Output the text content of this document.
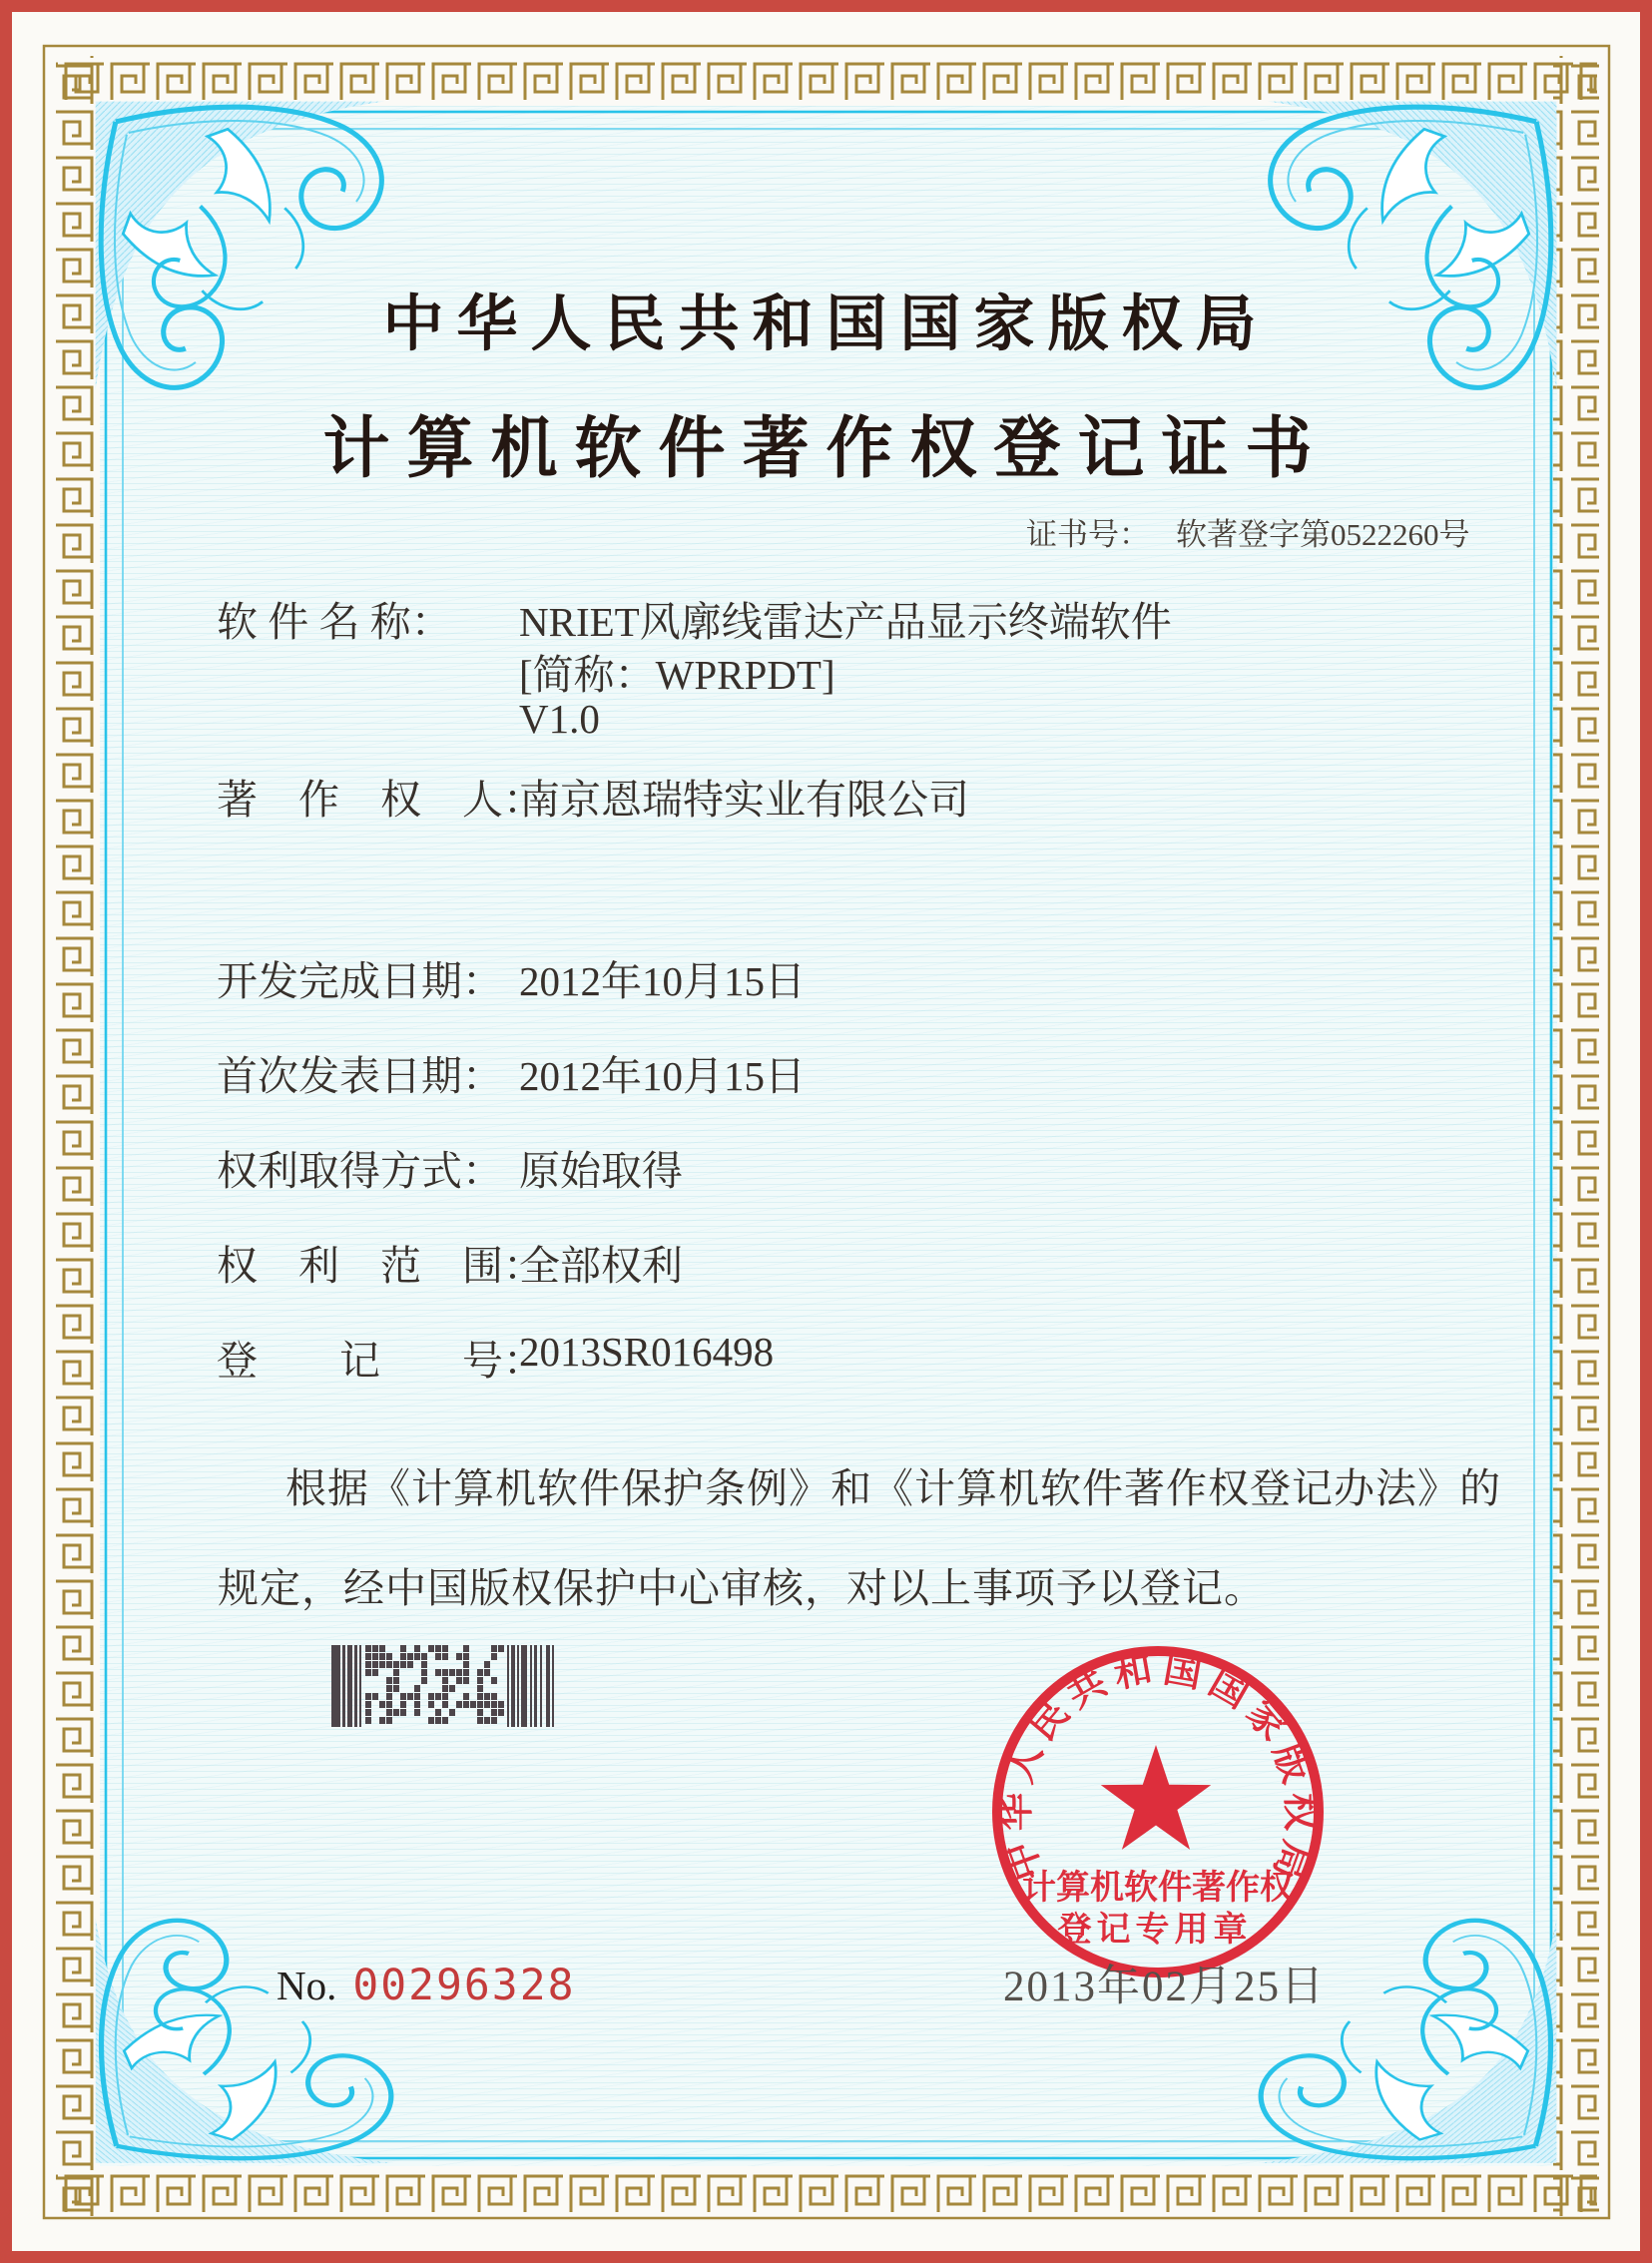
中华人民共和国国家版权局
计算机软件著作权登记证书
证书号： 软著登字第0522260号
软 件 名 称： NRIET风廓线雷达产品显示终端软件
[简称：WPRPDT]
V1.0
著　作　权　人：
南京恩瑞特实业有限公司
开发完成日期： 2012年10月15日
首次发表日期： 2012年10月15日
权利取得方式： 原始取得
权　利　范　围：
全部权利
登　　记　　号：
2013SR016498
根据《计算机软件保护条例》和《计算机软件著作权登记办法》的
规定，经中国版权保护中心审核，对以上事项予以登记。
中
华
人
民
共
和 国
国
家
版
权
局
计算机软件著作权
登记专用章
2013年02月25日
No. 00296328
